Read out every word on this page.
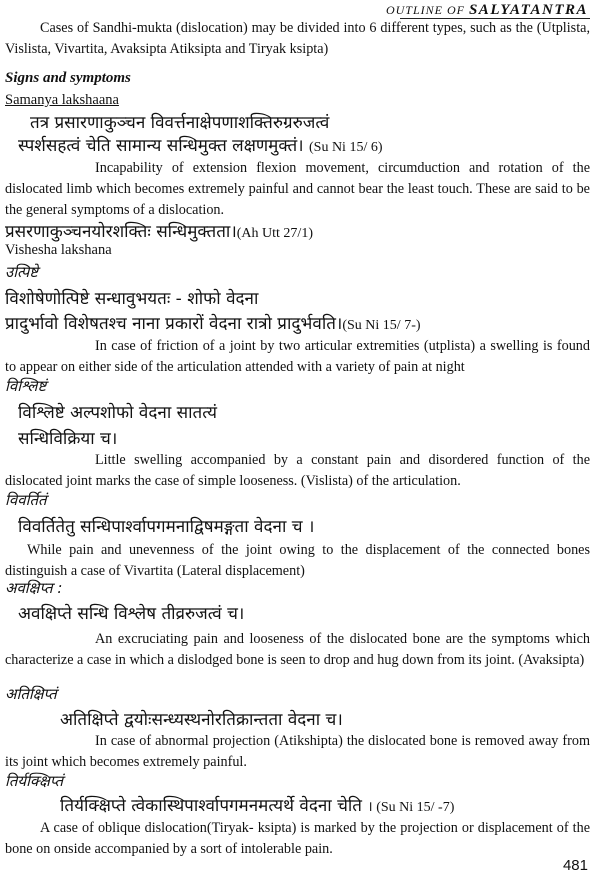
OUTLINE OF SALYATANTRA
Cases of Sandhi-mukta (dislocation) may be divided into 6 different types, such as the (Utplista, Vislista, Vivartita, Avaksipta Atiksipta and Tiryak ksipta)
Signs and symptoms
Samanya lakshaana
तत्र प्रसारणाकुञ्चन विवर्त्तनाक्षेपणाशक्तिरुग्ररुजत्वं
स्पर्शसहत्वं चेति सामान्य सन्धिमुक्त लक्षणमुक्तं। (Su Ni 15/ 6)
Incapability of extension flexion movement, circumduction and rotation of the dislocated limb which becomes extremely painful and cannot bear the least touch. These are said to be the general symptoms of a dislocation.
प्रसरणाकुञ्चनयोरशक्तिः सन्धिमुक्तता।(Ah Utt 27/1)
Vishesha lakshana
उत्पिष्टे
विशोषेणोत्पिष्टे सन्धावुभयतः - शोफो वेदना
प्रादुर्भावो विशेषतश्च नाना प्रकारों वेदना रात्रो प्रादुर्भवति।(Su Ni 15/ 7-)
In case of friction of a joint by two articular extremities (utplista) a swelling is found to appear on either side of the articulation attended with a variety of pain at night
विश्लिष्टं
विश्लिष्टे अल्पशोफो वेदना सातत्यं
सन्धिविक्रिया च।
Little swelling accompanied by a constant pain and disordered function of the dislocated joint marks the case of simple looseness. (Vislista) of the articulation.
विवर्तितं
विवर्तितेतु सन्धिपार्श्वापगमनाद्विषमङ्गता वेदना च ।
While pain and unevenness of the joint owing to the displacement of the connected bones distinguish a case of Vivartita (Lateral displacement)
अवक्षिप्त :
अवक्षिप्ते सन्धि विश्लेष तीव्ररुजत्वं च।
An excruciating pain and looseness of the dislocated bone are the symptoms which characterize a case in which a dislodged bone is seen to drop and hug down from its joint. (Avaksipta)
अतिक्षिप्तं
अतिक्षिप्ते द्वयोःसन्ध्यस्थनोरतिक्रान्तता वेदना च।
In case of abnormal projection (Atikshipta) the dislocated bone is removed away from its joint which becomes extremely painful.
तिर्यक्क्षिप्तं
तिर्यक्क्षिप्ते त्वेकास्थिपार्श्वापगमनमत्यर्थे वेदना चेति । (Su Ni 15/ -7)
A case of oblique dislocation(Tiryak- ksipta) is marked by the projection or displacement of the bone on onside accompanied by a sort of intolerable pain.
481
